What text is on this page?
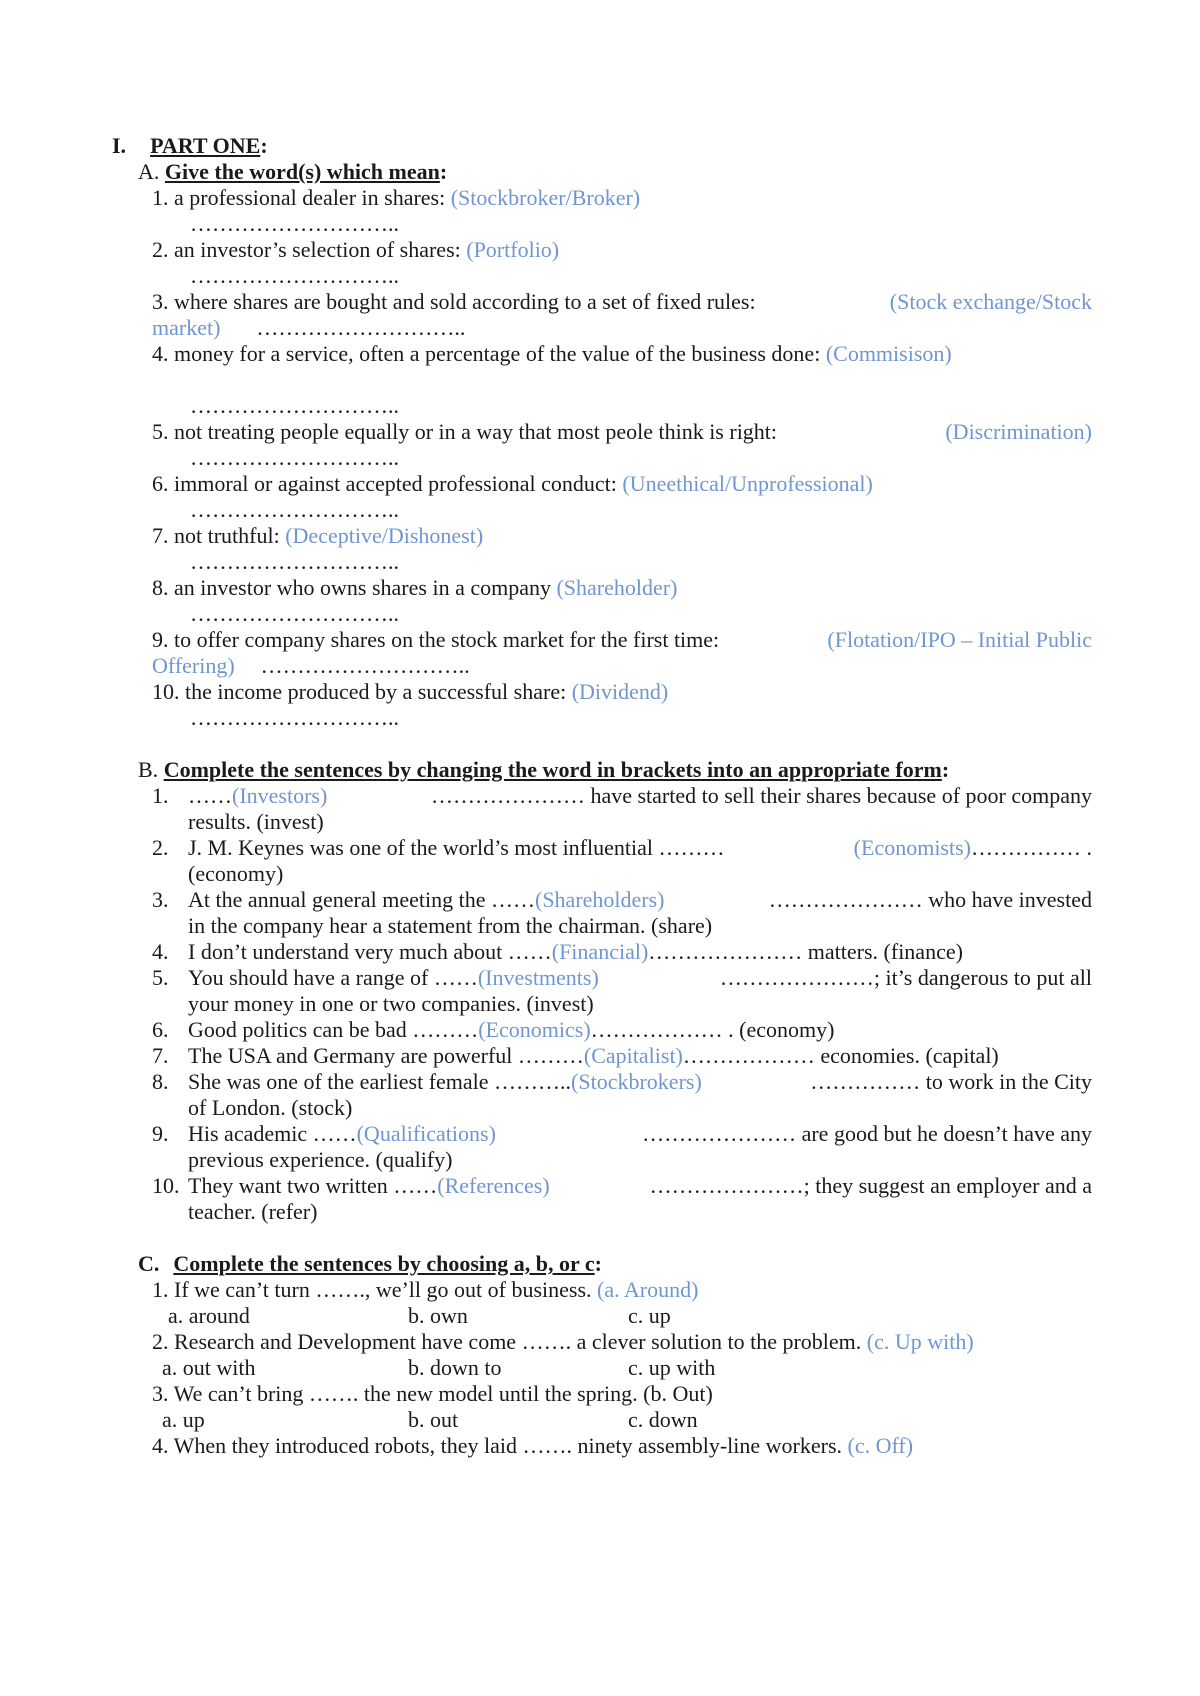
I. PART ONE:
A. Give the word(s) which mean:
1. a professional dealer in shares: (Stockbroker/Broker)
………………………..
2. an investor’s selection of shares: (Portfolio)
………………………..
3. where shares are bought and sold according to a set of fixed rules:	(Stock exchange/Stock
market) ………………………..
4. money for a service, often a percentage of the value of the business done: (Commisison)
………………………..
5. not treating people equally or in a way that most peole think is right:	(Discrimination)
………………………..
6. immoral or against accepted professional conduct: (Uneethical/Unprofessional)
………………………..
7. not truthful: (Deceptive/Dishonest)
………………………..
8. an investor who owns shares in a company (Shareholder)
………………………..
9. to offer company shares on the stock market for the first time:	(Flotation/IPO – Initial Public
Offering) ………………………..
10. the income produced by a successful share: (Dividend)
………………………..
B. Complete the sentences by changing the word in brackets into an appropriate form:
1. …… (Investors)	………………… have started to sell their shares because of poor company
results. (invest)
2. J. M. Keynes was one of the world’s most influential ………	(Economists) …………… .
(economy)
3. At the annual general meeting the …… (Shareholders)	………………… who have invested
in the company hear a statement from the chairman. (share)
4. I don’t understand very much about ……(Financial)………………… matters. (finance)
5. You should have a range of …… (Investments)	…………………; it’s dangerous to put all
your money in one or two companies. (invest)
6. Good politics can be bad ………(Economics)……………… . (economy)
7. The USA and Germany are powerful ………(Capitalist)……………… economies. (capital)
8. She was one of the earliest female ……….. (Stockbrokers)	…………… to work in the City
of London. (stock)
9. His academic …… (Qualifications)	………………… are good but he doesn’t have any
previous experience. (qualify)
10. They want two written …… (References)	…………………; they suggest an employer and a
teacher. (refer)
C. Complete the sentences by choosing a, b, or c:
1. If we can’t turn ……., we’ll go out of business. (a. Around)
a. around	b. own	c. up
2. Research and Development have come ……. a clever solution to the problem. (c. Up with)
a. out with	b. down to	c. up with
3. We can’t bring ……. the new model until the spring. (b. Out)
a. up	b. out	c. down
4. When they introduced robots, they laid ……. ninety assembly-line workers. (c. Off)
